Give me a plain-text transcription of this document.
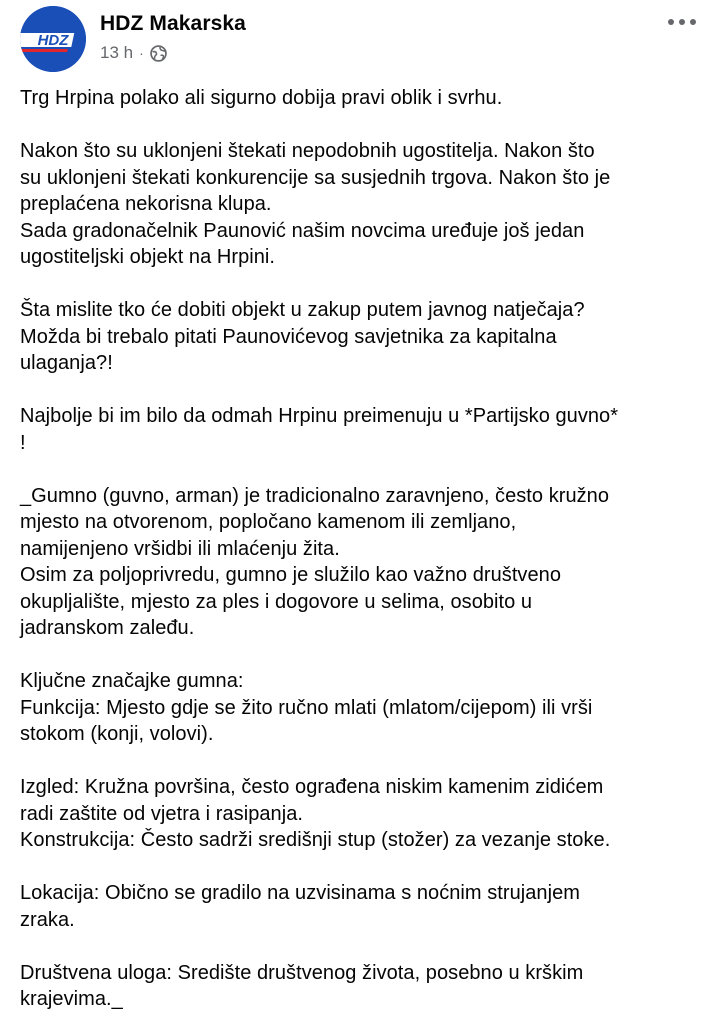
HDZ
HDZ Makarska
13 h ·
Trg Hrpina polako ali sigurno dobija pravi oblik i svrhu.
Nakon što su uklonjeni štekati nepodobnih ugostitelja. Nakon što
su uklonjeni štekati konkurencije sa susjednih trgova. Nakon što je
preplaćena nekorisna klupa.
Sada gradonačelnik Paunović našim novcima uređuje još jedan
ugostiteljski objekt na Hrpini.
Šta mislite tko će dobiti objekt u zakup putem javnog natječaja?
Možda bi trebalo pitati Paunovićevog savjetnika za kapitalna
ulaganja?!
Najbolje bi im bilo da odmah Hrpinu preimenuju u *Partijsko guvno*
!
_Gumno (guvno, arman) je tradicionalno zaravnjeno, često kružno
mjesto na otvorenom, popločano kamenom ili zemljano,
namijenjeno vršidbi ili mlaćenju žita.
Osim za poljoprivredu, gumno je služilo kao važno društveno
okupljalište, mjesto za ples i dogovore u selima, osobito u
jadranskom zaleđu.
Ključne značajke gumna:
Funkcija: Mjesto gdje se žito ručno mlati (mlatom/cijepom) ili vrši
stokom (konji, volovi).
Izgled: Kružna površina, često ograđena niskim kamenim zidićem
radi zaštite od vjetra i rasipanja.
Konstrukcija: Često sadrži središnji stup (stožer) za vezanje stoke.
Lokacija: Obično se gradilo na uzvisinama s noćnim strujanjem
zraka.
Društvena uloga: Središte društvenog života, posebno u krškim
krajevima._
